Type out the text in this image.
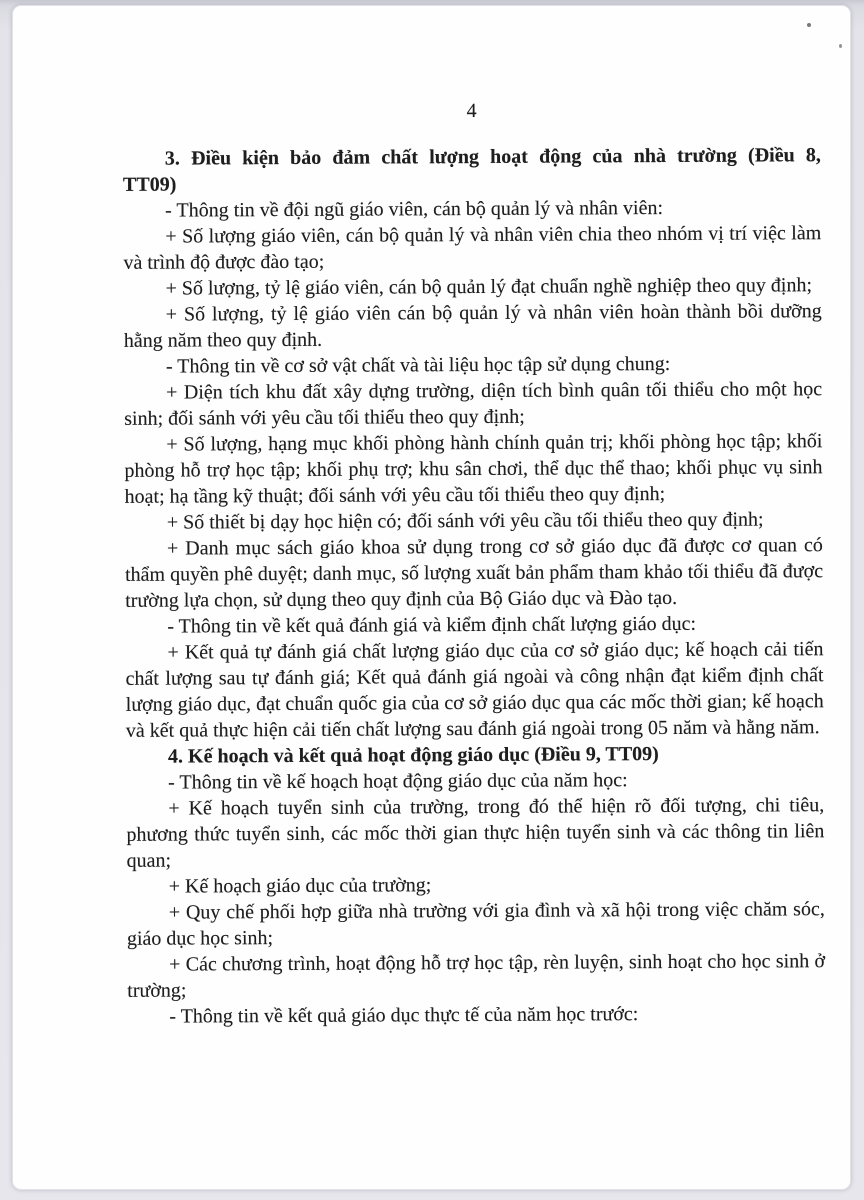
4

3. Điều kiện bảo đảm chất lượng hoạt động của nhà trường (Điều 8,

TT09)

- Thông tin về đội ngũ giáo viên, cán bộ quản lý và nhân viên:

+ Số lượng giáo viên, cán bộ quản lý và nhân viên chia theo nhóm vị trí việc làm và trình độ được đào tạo;

+ Số lượng, tỷ lệ giáo viên, cán bộ quản lý đạt chuẩn nghề nghiệp theo quy định;

+ Số lượng, tỷ lệ giáo viên cán bộ quản lý và nhân viên hoàn thành bồi dưỡng hằng năm theo quy định.

- Thông tin về cơ sở vật chất và tài liệu học tập sử dụng chung:

+ Diện tích khu đất xây dựng trường, diện tích bình quân tối thiểu cho một học sinh; đối sánh với yêu cầu tối thiểu theo quy định;

+ Số lượng, hạng mục khối phòng hành chính quản trị; khối phòng học tập; khối phòng hỗ trợ học tập; khối phụ trợ; khu sân chơi, thể dục thể thao; khối phục vụ sinh hoạt; hạ tầng kỹ thuật; đối sánh với yêu cầu tối thiểu theo quy định;

+ Số thiết bị dạy học hiện có; đối sánh với yêu cầu tối thiểu theo quy định;

+ Danh mục sách giáo khoa sử dụng trong cơ sở giáo dục đã được cơ quan có thẩm quyền phê duyệt; danh mục, số lượng xuất bản phẩm tham khảo tối thiểu đã được trường lựa chọn, sử dụng theo quy định của Bộ Giáo dục và Đào tạo.

- Thông tin về kết quả đánh giá và kiểm định chất lượng giáo dục:

+ Kết quả tự đánh giá chất lượng giáo dục của cơ sở giáo dục; kế hoạch cải tiến chất lượng sau tự đánh giá; Kết quả đánh giá ngoài và công nhận đạt kiểm định chất lượng giáo dục, đạt chuẩn quốc gia của cơ sở giáo dục qua các mốc thời gian; kế hoạch và kết quả thực hiện cải tiến chất lượng sau đánh giá ngoài trong 05 năm và hằng năm.

4. Kế hoạch và kết quả hoạt động giáo dục (Điều 9, TT09)

- Thông tin về kế hoạch hoạt động giáo dục của năm học:

+ Kế hoạch tuyển sinh của trường, trong đó thể hiện rõ đối tượng, chi tiêu, phương thức tuyển sinh, các mốc thời gian thực hiện tuyển sinh và các thông tin liên quan;

+ Kế hoạch giáo dục của trường;

+ Quy chế phối hợp giữa nhà trường với gia đình và xã hội trong việc chăm sóc, giáo dục học sinh;

+ Các chương trình, hoạt động hỗ trợ học tập, rèn luyện, sinh hoạt cho học sinh ở trường;

- Thông tin về kết quả giáo dục thực tế của năm học trước:
